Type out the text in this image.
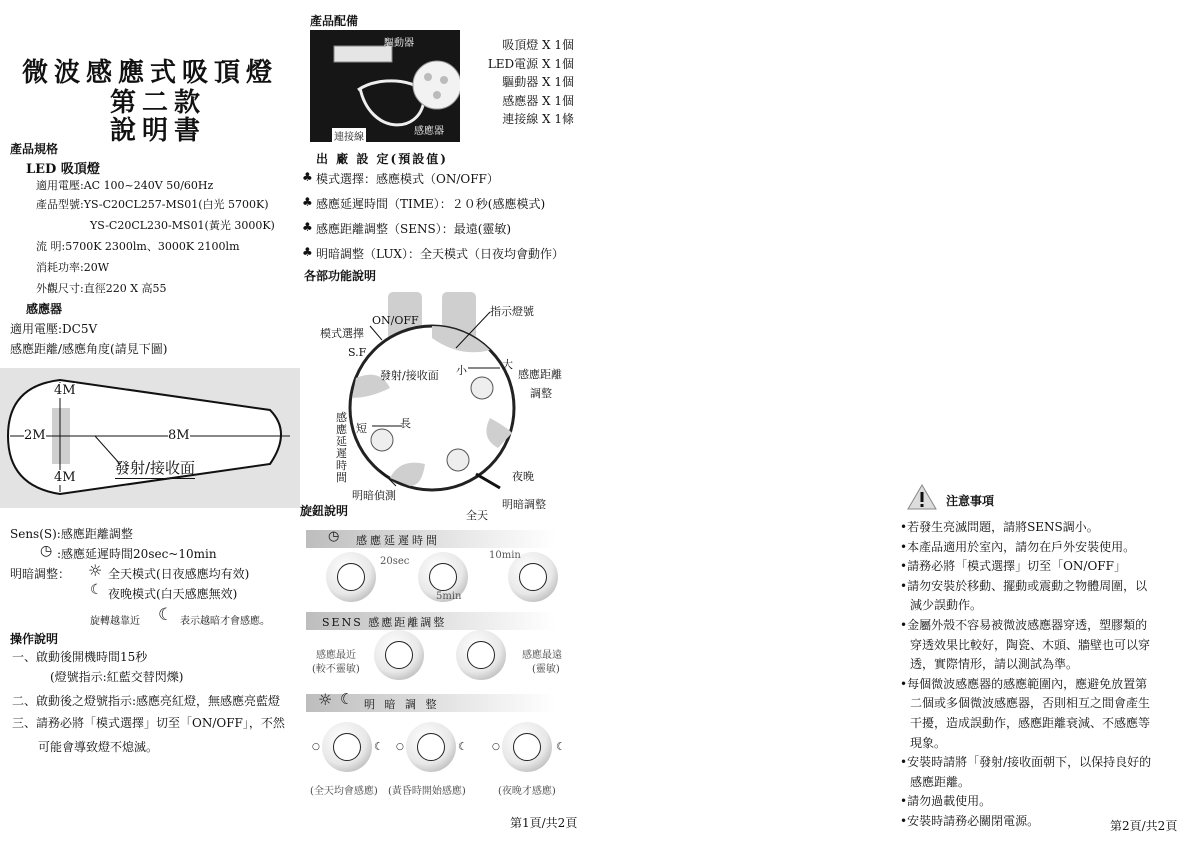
微波感應式吸頂燈
第二款
說明書
產品規格
LED 吸頂燈
適用電壓:AC 100~240V 50/60Hz
產品型號:YS-C20CL257-MS01(白光 5700K)
YS-C20CL230-MS01(黃光 3000K)
流 明:5700K 2300lm、3000K 2100lm
消耗功率:20W
外觀尺寸:直徑220 X 高55
感應器
適用電壓:DC5V
感應距離/感應角度(請見下圖)
4M
4M
2M	8M
發射/接收面
Sens(S):感應距離調整
◷ :感應延遲時間20sec~10min
明暗調整： ☼ 全天模式(日夜感應均有效)
☾ 夜晚模式(白天感應無效)
旋轉越靠近 ☾ 表示越暗才會感應。
操作說明
一、啟動後開機時間15秒
(燈號指示:紅藍交替閃爍)
二、啟動後之燈號指示:感應亮紅燈，無感應亮藍燈
三、請務必將「模式選擇」切至「ON/OFF」，不然
可能會導致燈不熄滅。
產品配備
驅動器
連接線
感應器
吸頂燈 X 1個
LED電源 X 1個
驅動器 X 1個
感應器 X 1個
連接線 X 1條
出 廠 設 定(預設值)
♣ 模式選擇：感應模式（ON/OFF）
♣ 感應延遲時間（TIME）：２０秒(感應模式)
♣ 感應距離調整（SENS）：最遠(靈敏)
♣ 明暗調整（LUX）：全天模式（日夜均會動作）
各部功能說明
ON/OFF
模式選擇
S.F
指示燈號
發射/接收面 小	大
感應距離
調整
感應延遲時間
短	長
明暗偵測
夜晚
全天
明暗調整
旋鈕說明
◷ 感應延遲時間
20sec
5min
10min
SENS 感應距離調整
感應最近
(較不靈敏)
感應最遠
(靈敏)
☼ ☾ 明 暗 調 整
○	☾ ○	☾	○	☾
(全天均會感應) (黃昏時開始感應)	(夜晚才感應)
第1頁/共2頁
注意事項
•若發生亮滅問題，請將SENS調小。
•本產品適用於室內，請勿在戶外安裝使用。
•請務必將「模式選擇」切至「ON/OFF」
•請勿安裝於移動、擺動或震動之物體周圍，以
減少誤動作。
•金屬外殼不容易被微波感應器穿透，塑膠類的
穿透效果比較好，陶瓷、木頭、牆壁也可以穿
透，實際情形，請以測試為準。
•每個微波感應器的感應範圍內，應避免放置第
二個或多個微波感應器，否則相互之間會產生
干擾，造成誤動作，感應距離衰減、不感應等
現象。
•安裝時請將「發射/接收面朝下，以保持良好的
感應距離。
•請勿過載使用。
•安裝時請務必關閉電源。	第2頁/共2頁
